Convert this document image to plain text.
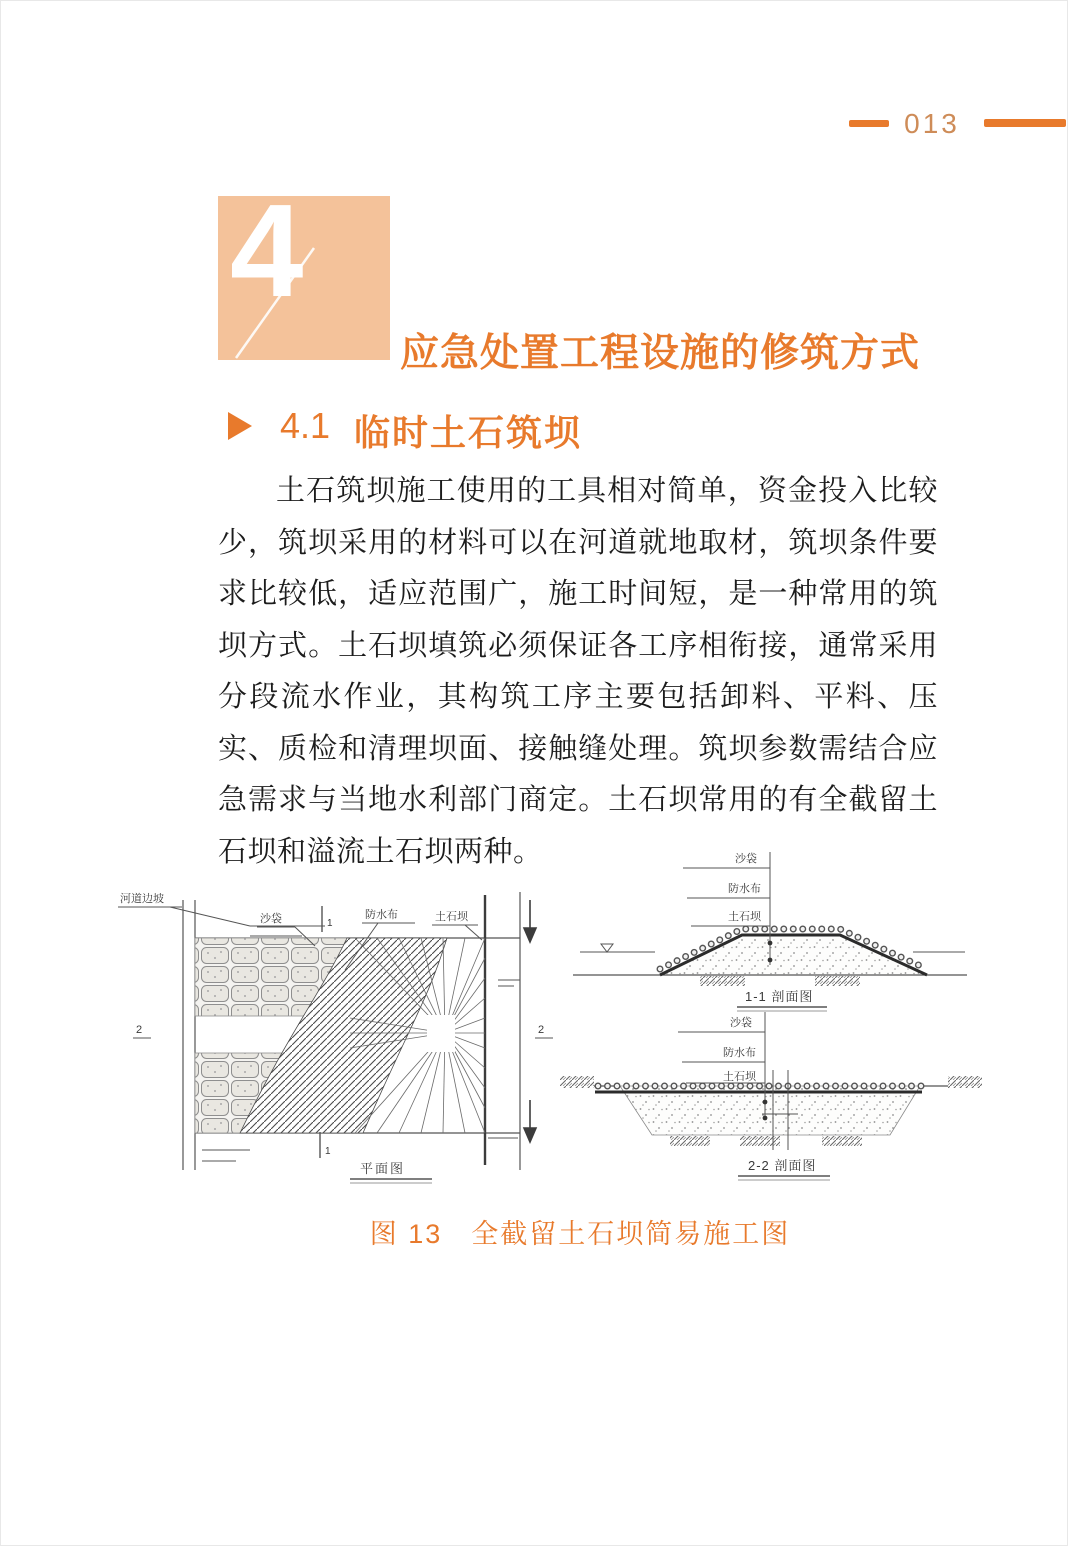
013
4
应急处置工程设施的修筑方式
4.1 临时土石筑坝
土石筑坝施工使用的工具相对简单，资金投入比较少，筑坝采用的材料可以在河道就地取材，筑坝条件要求比较低，适应范围广，施工时间短，是一种常用的筑坝方式。土石坝填筑必须保证各工序相衔接，通常采用分段流水作业，其构筑工序主要包括卸料、平料、压实、质检和清理坝面、接触缝处理。筑坝参数需结合应急需求与当地水利部门商定。土石坝常用的有全截留土石坝和溢流土石坝两种。
河道边坡
沙袋	1
防水布	土石坝
2	2
1
平面图
沙袋
防水布
土石坝
1-1 剖面图
沙袋
防水布
土石坝
2-2 剖面图
图 13　全截留土石坝简易施工图
